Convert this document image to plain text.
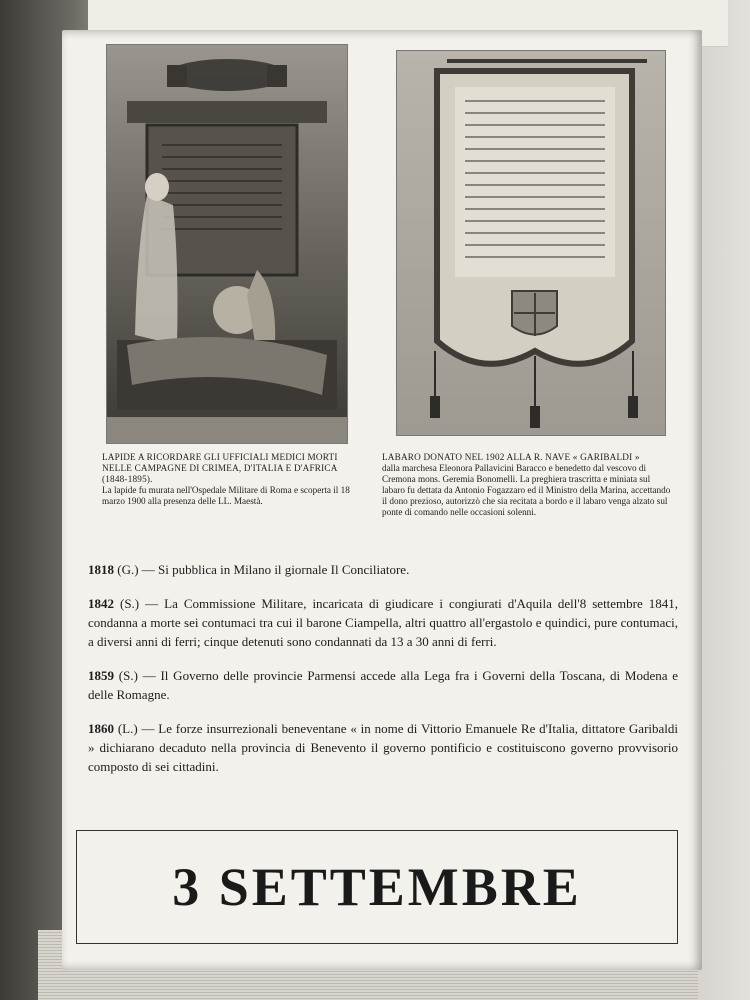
LAPIDE A RICORDARE GLI UFFICIALI MEDICI MORTI NELLE CAMPAGNE DI CRIMEA, D'ITALIA E D'AFRICA (1848-1895).
La lapide fu murata nell'Ospedale Militare di Roma e scoperta il 18 marzo 1900 alla presenza delle LL. Maestà.
LABARO DONATO NEL 1902 ALLA R. NAVE « GARIBALDI »
dalla marchesa Eleonora Pallavicini Baracco e benedetto dal vescovo di Cremona mons. Geremia Bonomelli. La preghiera trascritta e miniata sul labaro fu dettata da Antonio Fogazzaro ed il Ministro della Marina, accettando il dono prezioso, autorizzò che sia recitata a bordo e il labaro venga alzato sul ponte di comando nelle occasioni solenni.
1818 (G.) — Si pubblica in Milano il giornale Il Conciliatore.
1842 (S.) — La Commissione Militare, incaricata di giudicare i congiurati d'Aquila dell'8 settembre 1841, condanna a morte sei contumaci tra cui il barone Ciampella, altri quattro all'ergastolo e quindici, pure contumaci, a diversi anni di ferri; cinque detenuti sono condannati da 13 a 30 anni di ferri.
1859 (S.) — Il Governo delle provincie Parmensi accede alla Lega fra i Governi della Toscana, di Modena e delle Romagne.
1860 (L.) — Le forze insurrezionali beneventane « in nome di Vittorio Emanuele Re d'Italia, dittatore Garibaldi » dichiarano decaduto nella provincia di Benevento il governo pontificio e costituiscono governo provvisorio composto di sei cittadini.
3 SETTEMBRE
